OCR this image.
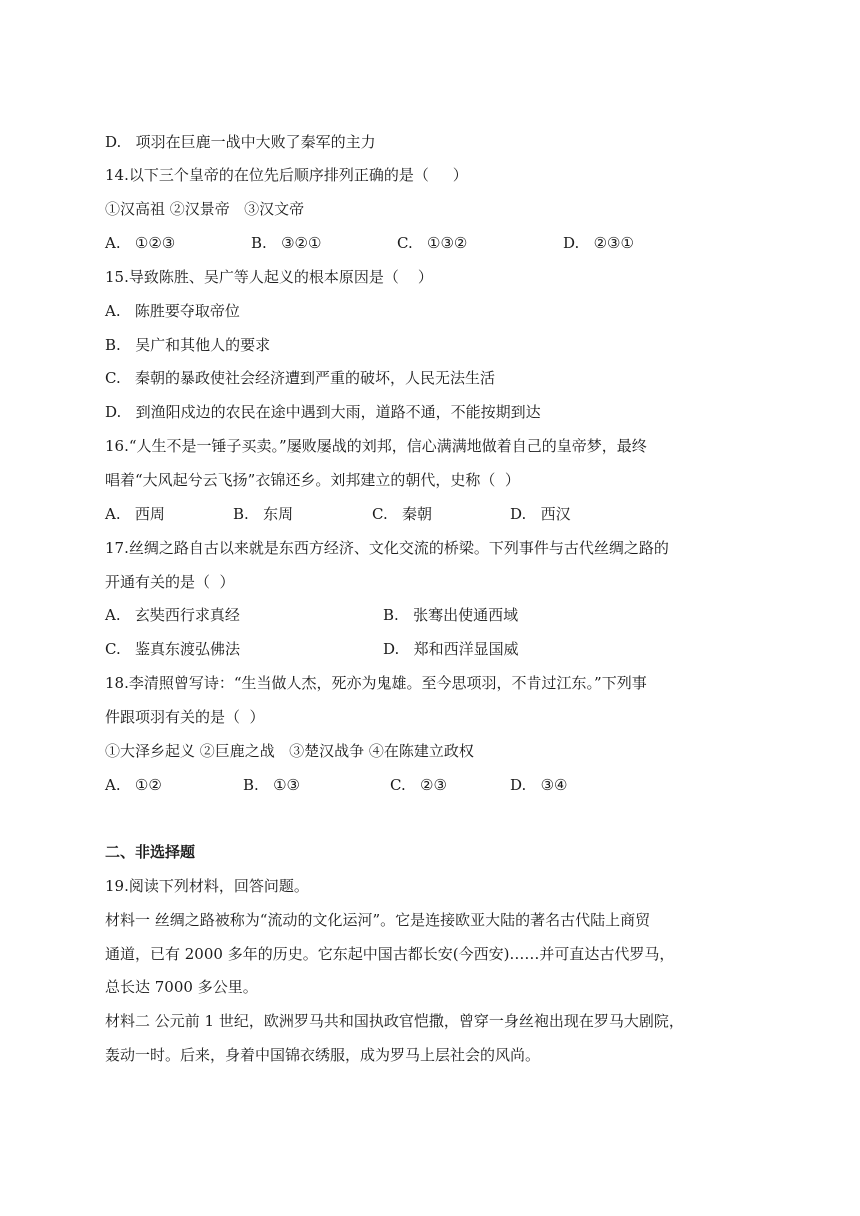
D.   项羽在巨鹿一战中大败了秦军的主力
14.以下三个皇帝的在位先后顺序排列正确的是（     ）
①汉高祖 ②汉景帝   ③汉文帝
A.   ①②③	B.   ③②①	C.   ①③②	D.   ②③①
15.导致陈胜、吴广等人起义的根本原因是（    ）
A.   陈胜要夺取帝位
B.   吴广和其他人的要求
C.   秦朝的暴政使社会经济遭到严重的破坏，人民无法生活
D.   到渔阳戍边的农民在途中遇到大雨，道路不通，不能按期到达
16.“人生不是一锤子买卖。”屡败屡战的刘邦，信心满满地做着自己的皇帝梦，最终
唱着“大风起兮云飞扬”衣锦还乡。刘邦建立的朝代，史称（  ）
A.   西周	B.   东周	C.   秦朝	D.   西汉
17.丝绸之路自古以来就是东西方经济、文化交流的桥梁。下列事件与古代丝绸之路的
开通有关的是（  ）
A.   玄奘西行求真经	B.   张骞出使通西域
C.   鉴真东渡弘佛法	D.   郑和西洋显国威
18.李清照曾写诗：“生当做人杰，死亦为鬼雄。至今思项羽，不肯过江东。”下列事
件跟项羽有关的是（  ）
①大泽乡起义 ②巨鹿之战   ③楚汉战争 ④在陈建立政权
A.   ①②	B.   ①③	C.   ②③	D.   ③④
二、非选择题
19.阅读下列材料，回答问题。
材料一 丝绸之路被称为“流动的文化运河”。它是连接欧亚大陆的著名古代陆上商贸
通道，已有 2000 多年的历史。它东起中国古都长安(今西安)……并可直达古代罗马，
总长达 7000 多公里。
材料二 公元前 1 世纪，欧洲罗马共和国执政官恺撒，曾穿一身丝袍出现在罗马大剧院，
轰动一时。后来，身着中国锦衣绣服，成为罗马上层社会的风尚。
